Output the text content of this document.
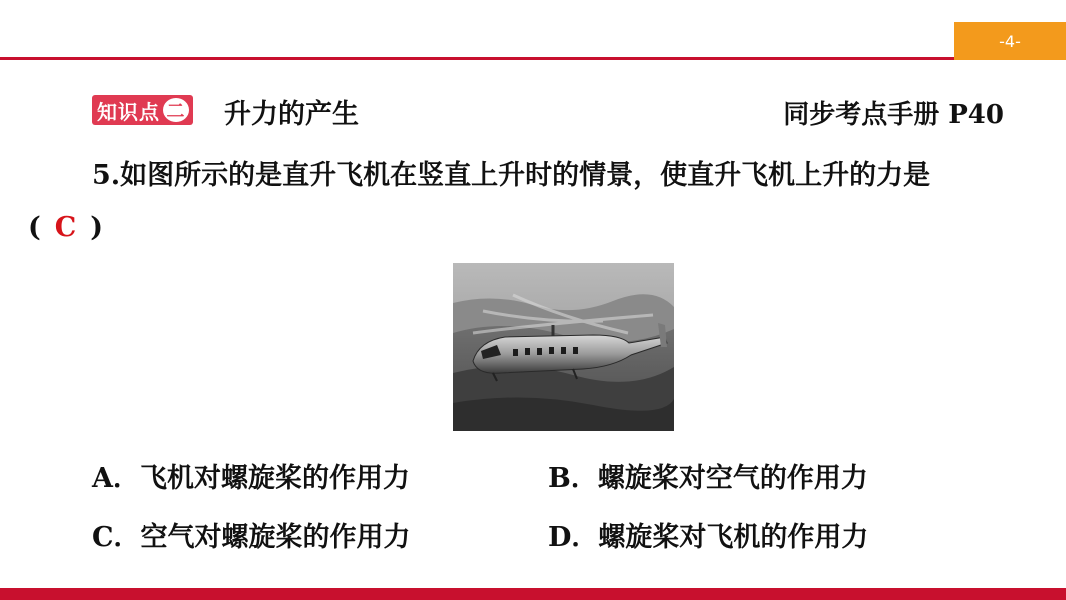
-4-
知识点 二 升力的产生	同步考点手册 P40
5.如图所示的是直升飞机在竖直上升时的情景，使直升飞机上升的力是
( C )
A．飞机对螺旋桨的作用力	B．螺旋桨对空气的作用力
C．空气对螺旋桨的作用力	D．螺旋桨对飞机的作用力
